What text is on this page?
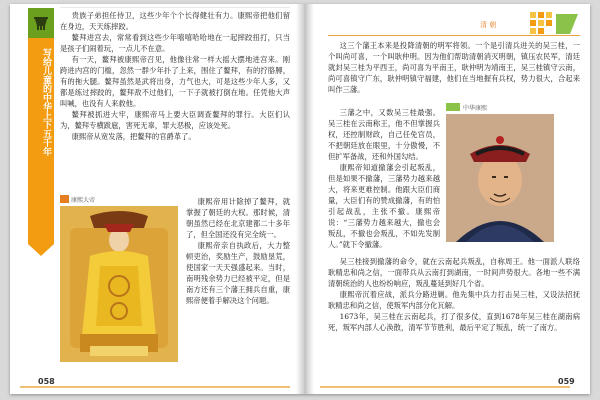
写给儿童的中华上下五千年

贵族子弟担任侍卫，这些少年个个长得健壮有力。康熙帝把他们留在身边，天天练摔跤。

鳌拜进宫去，常常看到这些少年嘻嘻哈哈地在一起摔跤扭打，只当是孩子们闹着玩，一点儿不在意。

有一天，鳌拜被康熙帝召见，他像往常一样大摇大摆地进宫来。刚跨进内宫的门槛，忽然一群少年扑了上来，围住了鳌拜，有的拧胳膊，有的拖大腿。鳌拜虽然是武将出身，力气也大，可是这些少年人多，又都是练过摔跤的，鳌拜敌不过他们，一下子就被打倒在地。任凭他大声叫喊，也没有人来救他。

鳌拜被抓进大牢，康熙帝马上要大臣调查鳌拜的罪行。大臣们认为，鳌拜专横跋扈，害死无辜，罪大恶极，应该处死。

康熙帝从宽发落，把鳌拜的官爵革了。

康熙大帝	康熙帝用计除掉了鳌拜，就掌握了朝廷的大权。那时候，清朝虽然已经在北京建都二十多年了，但全国还没有完全统一。

康熙帝亲自执政后，大力整顿吏治，奖励生产，鼓励垦荒，使国家一天天强盛起来。当时，南明残余势力已经被平定，但是南方还有三个藩王拥兵自重，康熙帝便着手解决这个问题。

058
清 朝

这三个藩王本来是投降清朝的明军将领。一个是引清兵进关的吴三桂，一个叫尚可喜，一个叫耿仲明。因为他们帮助清朝消灭明朝，镇压农民军，清廷就封吴三桂为平西王，尚可喜为平南王，耿仲明为靖南王，吴三桂镇守云南，尚可喜镇守广东，耿仲明镇守福建，他们在当地握有兵权，势力很大，合起来叫作三藩。

三藩之中，又数吴三桂最强。吴三桂在云南称王，他不但掌握兵权，还控制财政，自己任免官员，不把朝廷放在眼里，十分傲慢，不但扩军备战，还和外国勾结。

中华康熙

康熙帝知道撤藩会引起叛乱，但是如果不撤藩，三藩势力越来越大，将来更难控制。他跟大臣们商量，大臣们有的赞成撤藩，有的怕引起战乱，主张不撤。康熙帝说：“三藩势力越来越大，撤也会叛乱，不撤也会叛乱，不如先发制人。”就下令撤藩。

吴三桂接到撤藩的命令，就在云南起兵叛乱，自称周王。他一面派人联络耿精忠和尚之信，一面带兵从云南打到湖南，一时间声势很大。各地一些不满清朝统治的人也纷纷响应，叛乱蔓延到好几个省。

康熙帝沉着应战，派兵分路进剿。他先集中兵力打击吴三桂，又设法招抚耿精忠和尚之信，使叛军内部分化瓦解。

1673年，吴三桂在云南起兵，打了很多仗，直到1678年吴三桂在湖南病死，叛军内部人心涣散，清军节节胜利，最后平定了叛乱，统一了南方。

059
